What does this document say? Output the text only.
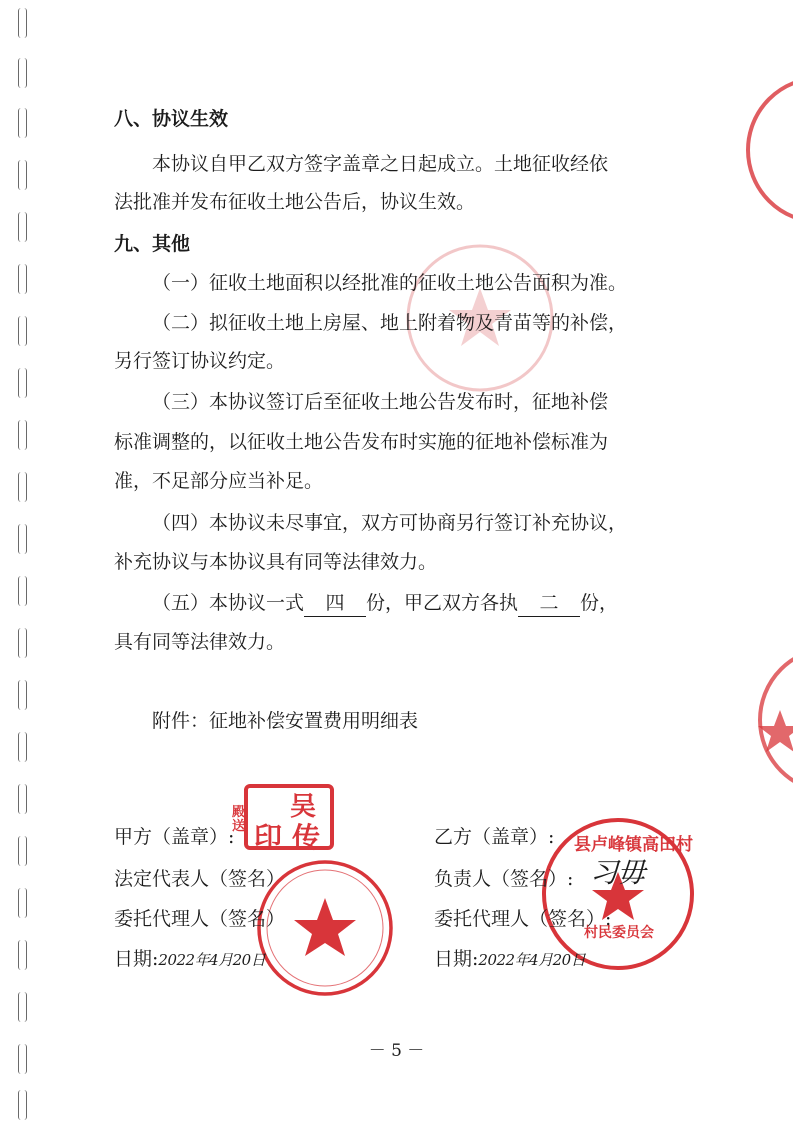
八、协议生效
本协议自甲乙双方签字盖章之日起成立。土地征收经依
法批准并发布征收土地公告后，协议生效。
九、其他
（一）征收土地面积以经批准的征收土地公告面积为准。
（二）拟征收土地上房屋、地上附着物及青苗等的补偿，
另行签订协议约定。
（三）本协议签订后至征收土地公告发布时，征地补偿
标准调整的，以征收土地公告发布时实施的征地补偿标准为
准，不足部分应当补足。
（四）本协议未尽事宜，双方可协商另行签订补充协议，
补充协议与本协议具有同等法律效力。
（五）本协议一式 四 份，甲乙双方各执 二 份，
具有同等法律效力。
附件：征地补偿安置费用明细表
殿送
吴
印 传	县卢峰镇高田村
村民委员会
甲方（盖章）:
法定代表人（签名）
委托代理人（签名）
日期:2022年4月20日
乙方（盖章）:
负责人（签名）: 习毋
委托代理人（签名）:
日期:2022年4月20日
－ 5 －
